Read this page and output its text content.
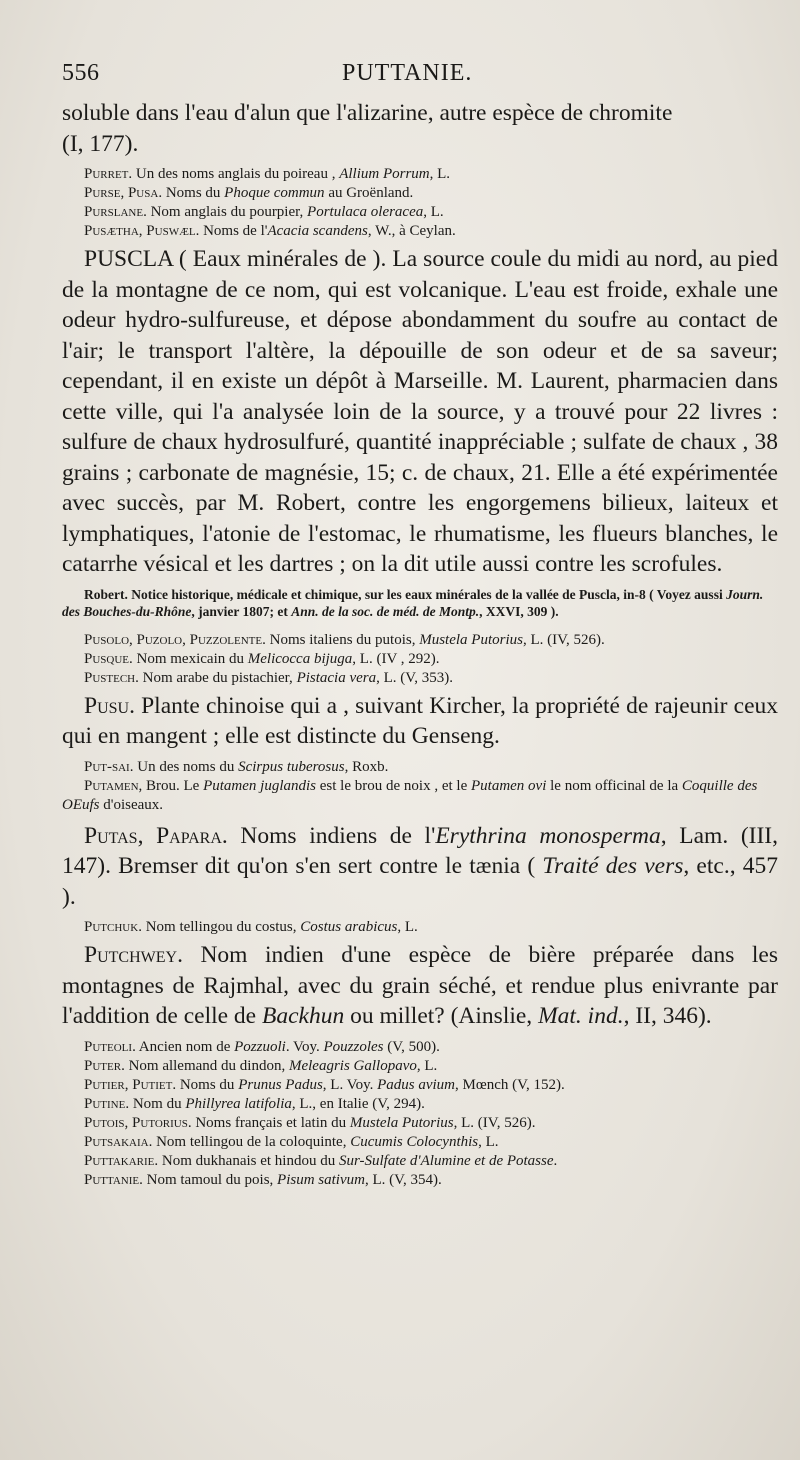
556	PUTTANIE.

soluble dans l'eau d'alun que l'alizarine, autre espèce de chromite
(I, 177).

Purret. Un des noms anglais du poireau , Allium Porrum, L.

Purse, Pusa. Noms du Phoque commun au Groënland.

Purslane. Nom anglais du pourpier, Portulaca oleracea, L.

Pusætha, Puswæl. Noms de l'Acacia scandens, W., à Ceylan.

PUSCLA ( Eaux minérales de ). La source coule du midi au nord, au pied de la montagne de ce nom, qui est volcanique. L'eau est froide, exhale une odeur hydro-sulfureuse, et dépose abondamment du soufre au contact de l'air; le transport l'altère, la dépouille de son odeur et de sa saveur; cependant, il en existe un dépôt à Marseille. M. Laurent, pharmacien dans cette ville, qui l'a analysée loin de la source, y a trouvé pour 22 livres : sulfure de chaux hydrosulfuré, quantité inappréciable ; sulfate de chaux , 38 grains ; carbonate de magnésie, 15; c. de chaux, 21. Elle a été expérimentée avec succès, par M. Robert, contre les engorgemens bilieux, laiteux et lymphatiques, l'atonie de l'estomac, le rhumatisme, les flueurs blanches, le catarrhe vésical et les dartres ; on la dit utile aussi contre les scrofules.

Robert. Notice historique, médicale et chimique, sur les eaux minérales de la vallée de Puscla, in-8 ( Voyez aussi Journ. des Bouches-du-Rhône, janvier 1807; et Ann. de la soc. de méd. de Montp., XXVI, 309 ).

Pusolo, Puzolo, Puzzolente. Noms italiens du putois, Mustela Putorius, L. (IV, 526).

Pusque. Nom mexicain du Melicocca bijuga, L. (IV , 292).

Pustech. Nom arabe du pistachier, Pistacia vera, L. (V, 353).

Pusu. Plante chinoise qui a , suivant Kircher, la propriété de rajeunir ceux qui en mangent ; elle est distincte du Genseng.

Put-sai. Un des noms du Scirpus tuberosus, Roxb.

Putamen, Brou. Le Putamen juglandis est le brou de noix , et le Putamen ovi le nom officinal de la Coquille des OEufs d'oiseaux.

Putas, Papara. Noms indiens de l'Erythrina monosperma, Lam. (III, 147). Bremser dit qu'on s'en sert contre le tænia ( Traité des vers, etc., 457 ).

Putchuk. Nom tellingou du costus, Costus arabicus, L.

Putchwey. Nom indien d'une espèce de bière préparée dans les montagnes de Rajmhal, avec du grain séché, et rendue plus enivrante par l'addition de celle de Backhun ou millet? (Ainslie, Mat. ind., II, 346).

Puteoli. Ancien nom de Pozzuoli. Voy. Pouzzoles (V, 500).

Puter. Nom allemand du dindon, Meleagris Gallopavo, L.

Putier, Putiet. Noms du Prunus Padus, L. Voy. Padus avium, Mœnch (V, 152).

Putine. Nom du Phillyrea latifolia, L., en Italie (V, 294).

Putois, Putorius. Noms français et latin du Mustela Putorius, L. (IV, 526).

Putsakaia. Nom tellingou de la coloquinte, Cucumis Colocynthis, L.

Puttakarie. Nom dukhanais et hindou du Sur-Sulfate d'Alumine et de Potasse.

Puttanie. Nom tamoul du pois, Pisum sativum, L. (V, 354).
